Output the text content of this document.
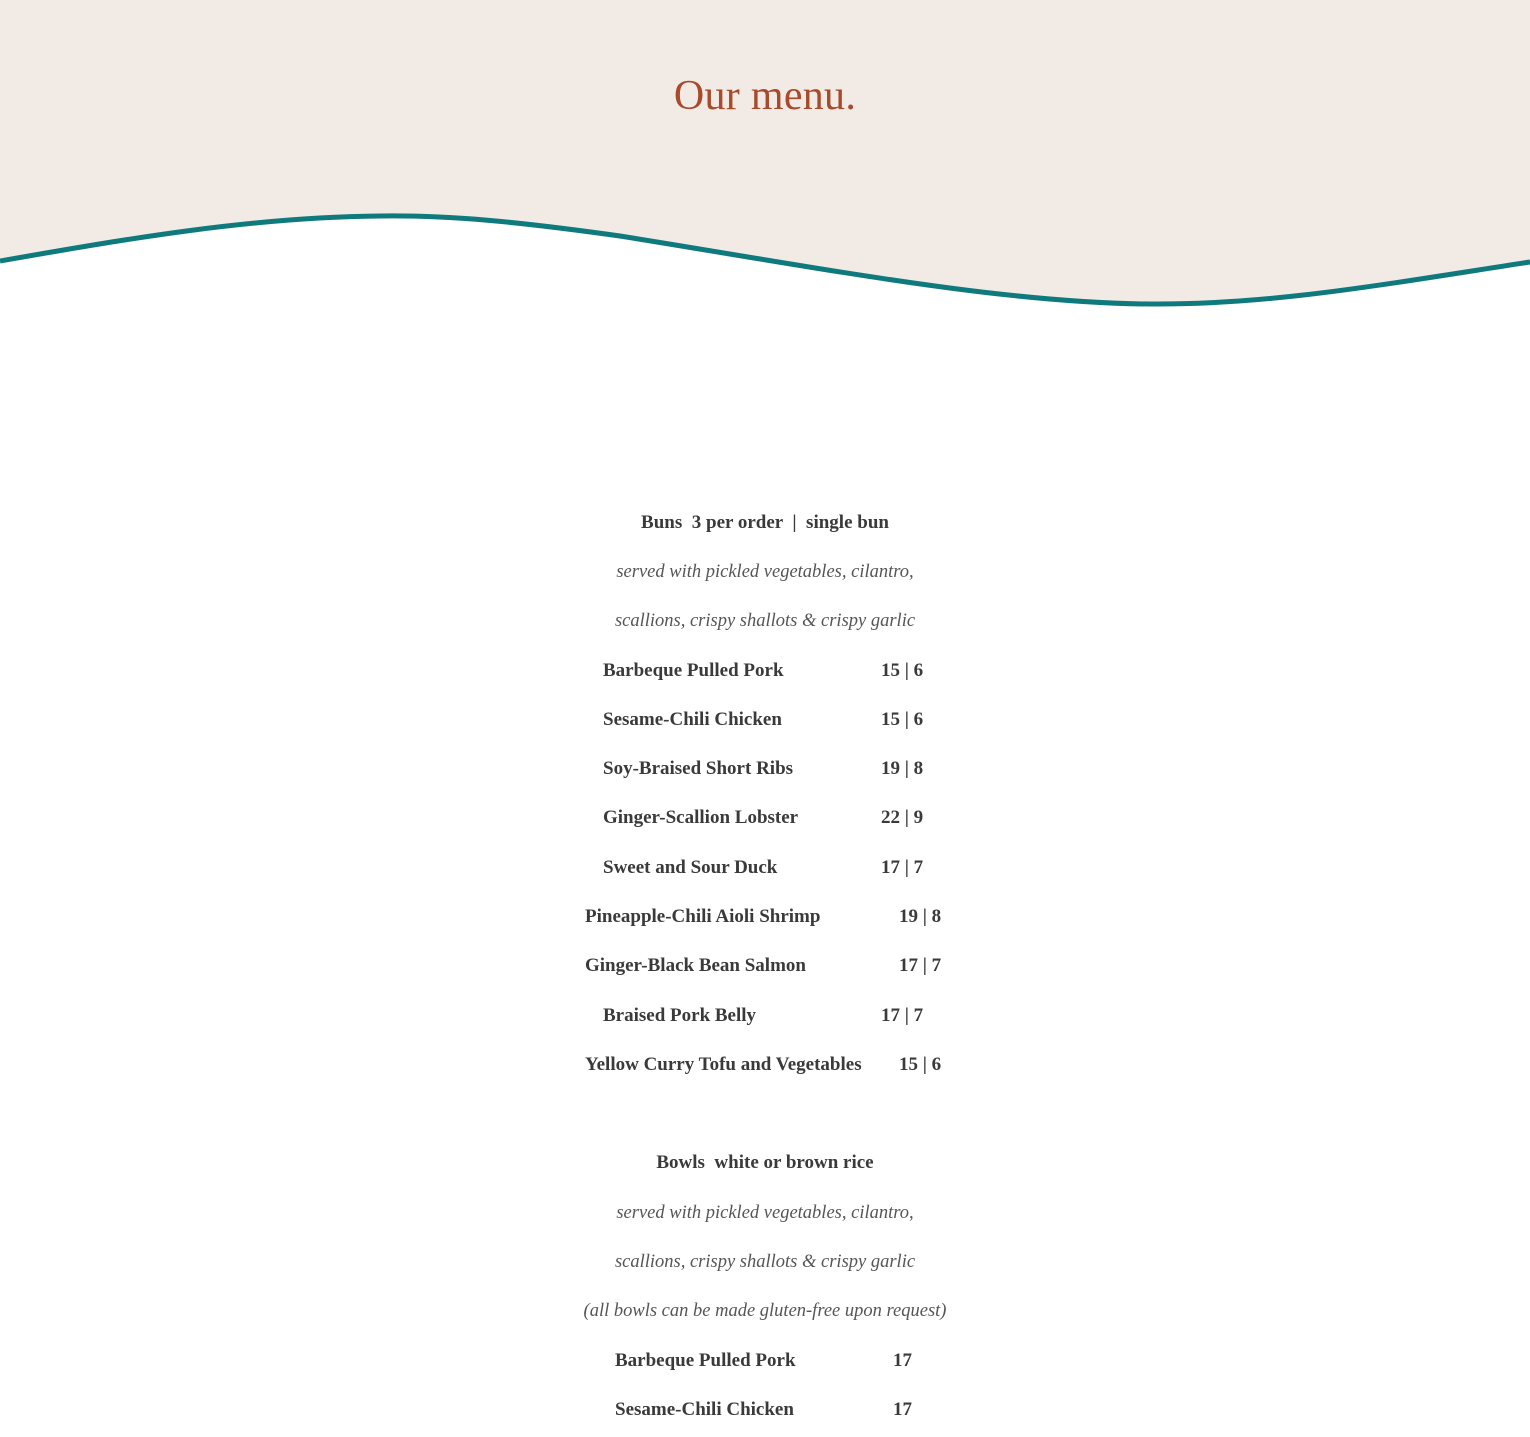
Our menu.
Buns  3 per order  |  single bun
served with pickled vegetables, cilantro,
scallions, crispy shallots & crispy garlic
Barbeque Pulled Pork	15 | 6
Sesame-Chili Chicken	15 | 6
Soy-Braised Short Ribs	19 | 8
Ginger-Scallion Lobster	22 | 9
Sweet and Sour Duck	17 | 7
Pineapple-Chili Aioli Shrimp	19 | 8
Ginger-Black Bean Salmon	17 | 7
Braised Pork Belly	17 | 7
Yellow Curry Tofu and Vegetables 15 | 6
Bowls  white or brown rice
served with pickled vegetables, cilantro,
scallions, crispy shallots & crispy garlic
(all bowls can be made gluten-free upon request)
Barbeque Pulled Pork	17
Sesame-Chili Chicken	17
